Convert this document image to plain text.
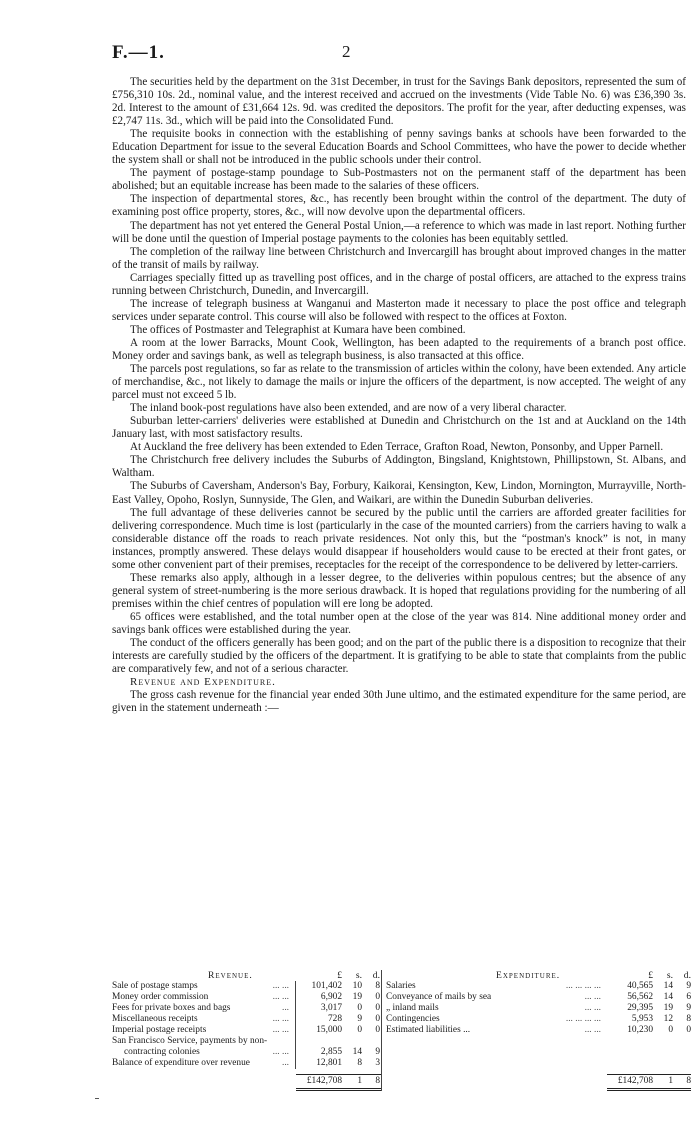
F.—1.	2

The securities held by the department on the 31st December, in trust for the Savings Bank depositors, represented the sum of £756,310 10s. 2d., nominal value, and the interest received and accrued on the investments (Vide Table No. 6) was £36,390 3s. 2d. Interest to the amount of £31,664 12s. 9d. was credited the depositors. The profit for the year, after deducting expenses, was £2,747 11s. 3d., which will be paid into the Consolidated Fund.

The requisite books in connection with the establishing of penny savings banks at schools have been forwarded to the Education Department for issue to the several Education Boards and School Committees, who have the power to decide whether the system shall or shall not be introduced in the public schools under their control.

The payment of postage-stamp poundage to Sub-Postmasters not on the permanent staff of the department has been abolished; but an equitable increase has been made to the salaries of these officers.

The inspection of departmental stores, &c., has recently been brought within the control of the department. The duty of examining post office property, stores, &c., will now devolve upon the departmental officers.

The department has not yet entered the General Postal Union,—a reference to which was made in last report. Nothing further will be done until the question of Imperial postage payments to the colonies has been equitably settled.

The completion of the railway line between Christchurch and Invercargill has brought about improved changes in the matter of the transit of mails by railway.

Carriages specially fitted up as travelling post offices, and in the charge of postal officers, are attached to the express trains running between Christchurch, Dunedin, and Invercargill.

The increase of telegraph business at Wanganui and Masterton made it necessary to place the post office and telegraph services under separate control. This course will also be followed with respect to the offices at Foxton.

The offices of Postmaster and Telegraphist at Kumara have been combined.

A room at the lower Barracks, Mount Cook, Wellington, has been adapted to the requirements of a branch post office. Money order and savings bank, as well as telegraph business, is also transacted at this office.

The parcels post regulations, so far as relate to the transmission of articles within the colony, have been extended. Any article of merchandise, &c., not likely to damage the mails or injure the officers of the department, is now accepted. The weight of any parcel must not exceed 5 lb.

The inland book-post regulations have also been extended, and are now of a very liberal character.

Suburban letter-carriers' deliveries were established at Dunedin and Christchurch on the 1st and at Auckland on the 14th January last, with most satisfactory results.

At Auckland the free delivery has been extended to Eden Terrace, Grafton Road, Newton, Ponsonby, and Upper Parnell.

The Christchurch free delivery includes the Suburbs of Addington, Bingsland, Knightstown, Phillipstown, St. Albans, and Waltham.

The Suburbs of Caversham, Anderson's Bay, Forbury, Kaikorai, Kensington, Kew, Lindon, Mornington, Murrayville, North-East Valley, Opoho, Roslyn, Sunnyside, The Glen, and Waikari, are within the Dunedin Suburban deliveries.

The full advantage of these deliveries cannot be secured by the public until the carriers are afforded greater facilities for delivering correspondence. Much time is lost (particularly in the case of the mounted carriers) from the carriers having to walk a considerable distance off the roads to reach private residences. Not only this, but the “postman's knock” is not, in many instances, promptly answered. These delays would disappear if householders would cause to be erected at their front gates, or some other convenient part of their premises, receptacles for the receipt of the correspondence to be delivered by letter-carriers.

These remarks also apply, although in a lesser degree, to the deliveries within populous centres; but the absence of any general system of street-numbering is the more serious drawback. It is hoped that regulations providing for the numbering of all premises within the chief centres of population will ere long be adopted.

65 offices were established, and the total number open at the close of the year was 814. Nine additional money order and savings bank offices were established during the year.

The conduct of the officers generally has been good; and on the part of the public there is a disposition to recognize that their interests are carefully studied by the officers of the department. It is gratifying to be able to state that complaints from the public are comparatively few, and not of a serious character.

Revenue and Expenditure.

The gross cash revenue for the financial year ended 30th June ultimo, and the estimated expenditure for the same period, are given in the statement underneath :—

Revenue.	£	s.	d.
Sale of postage stamps	... ...	101,402	10	8
Money order commission	... ...	6,902	19	0
Fees for private boxes and bags	...	3,017	0	0
Miscellaneous receipts	... ...	728	9	0
Imperial postage receipts	... ...	15,000	0	0
San Francisco Service, payments by non-
contracting colonies	... ...	2,855	14	9
Balance of expenditure over revenue	...	12,801	8	3
£142,708	1	8
Expenditure.	£	s.	d.
Salaries	... ... ... ...	40,565	14	9
Conveyance of mails by sea	... ...	56,562	14	6
„ inland mails	... ...	29,395	19	9
Contingencies	... ... ... ...	5,953	12	8
Estimated liabilities ...	... ...	10,230	0	0
£142,708	1	8
